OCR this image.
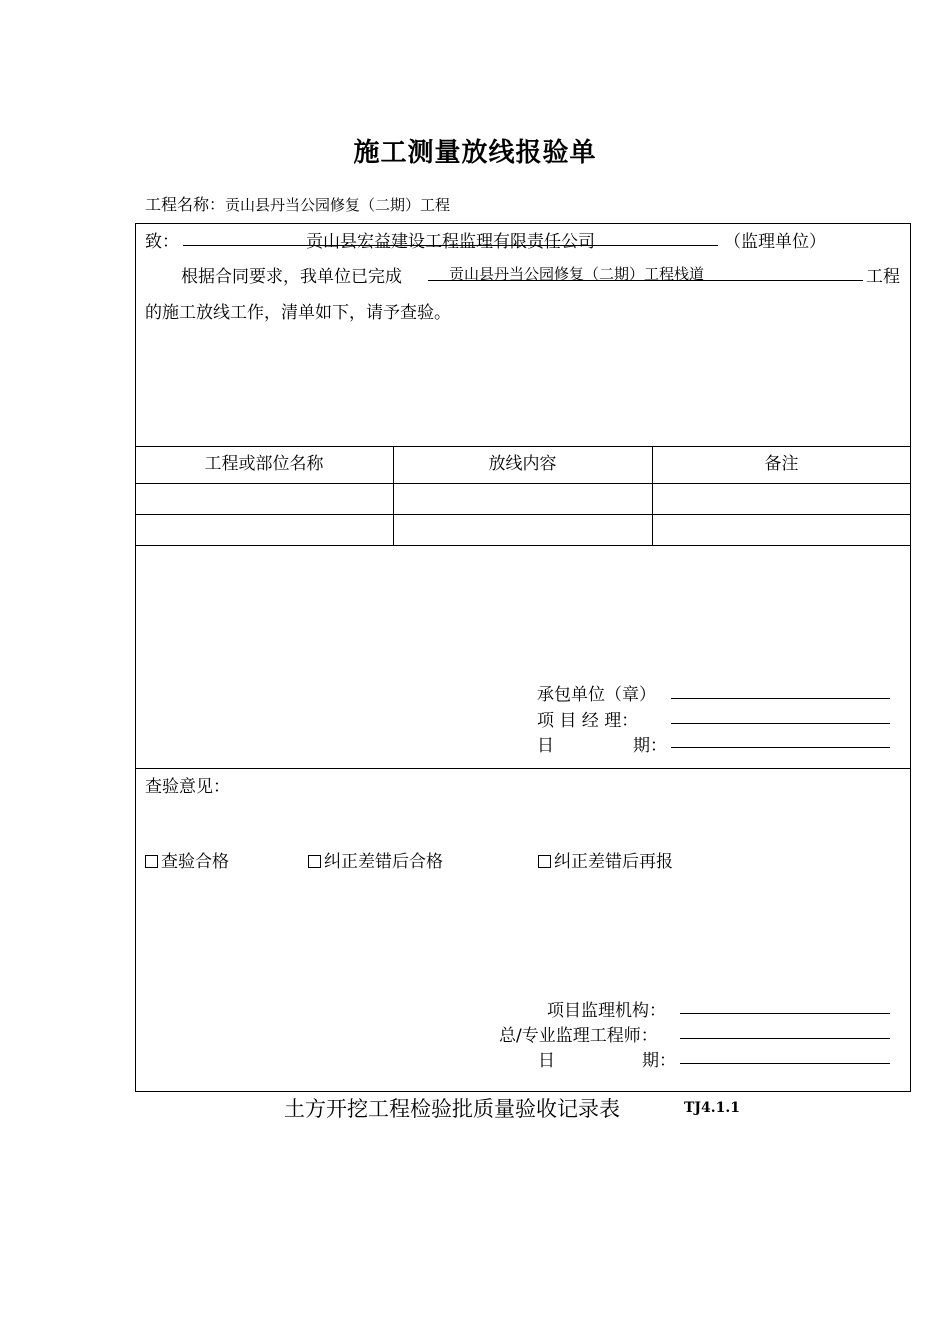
施工测量放线报验单
工程名称：贡山县丹当公园修复（二期）工程
致：	贡山县宏益建设工程监理有限责任公司	（监理单位）
根据合同要求，我单位已完成	贡山县丹当公园修复（二期）工程栈道	工程
的施工放线工作，清单如下，请予查验。
工程或部位名称	放线内容	备注
承包单位（章）
项 目 经 理：
日	期：
查验意见：
查验合格	纠正差错后合格	纠正差错后再报
项目监理机构：
总/专业监理工程师：
日	期：
土方开挖工程检验批质量验收记录表	TJ4.1.1
